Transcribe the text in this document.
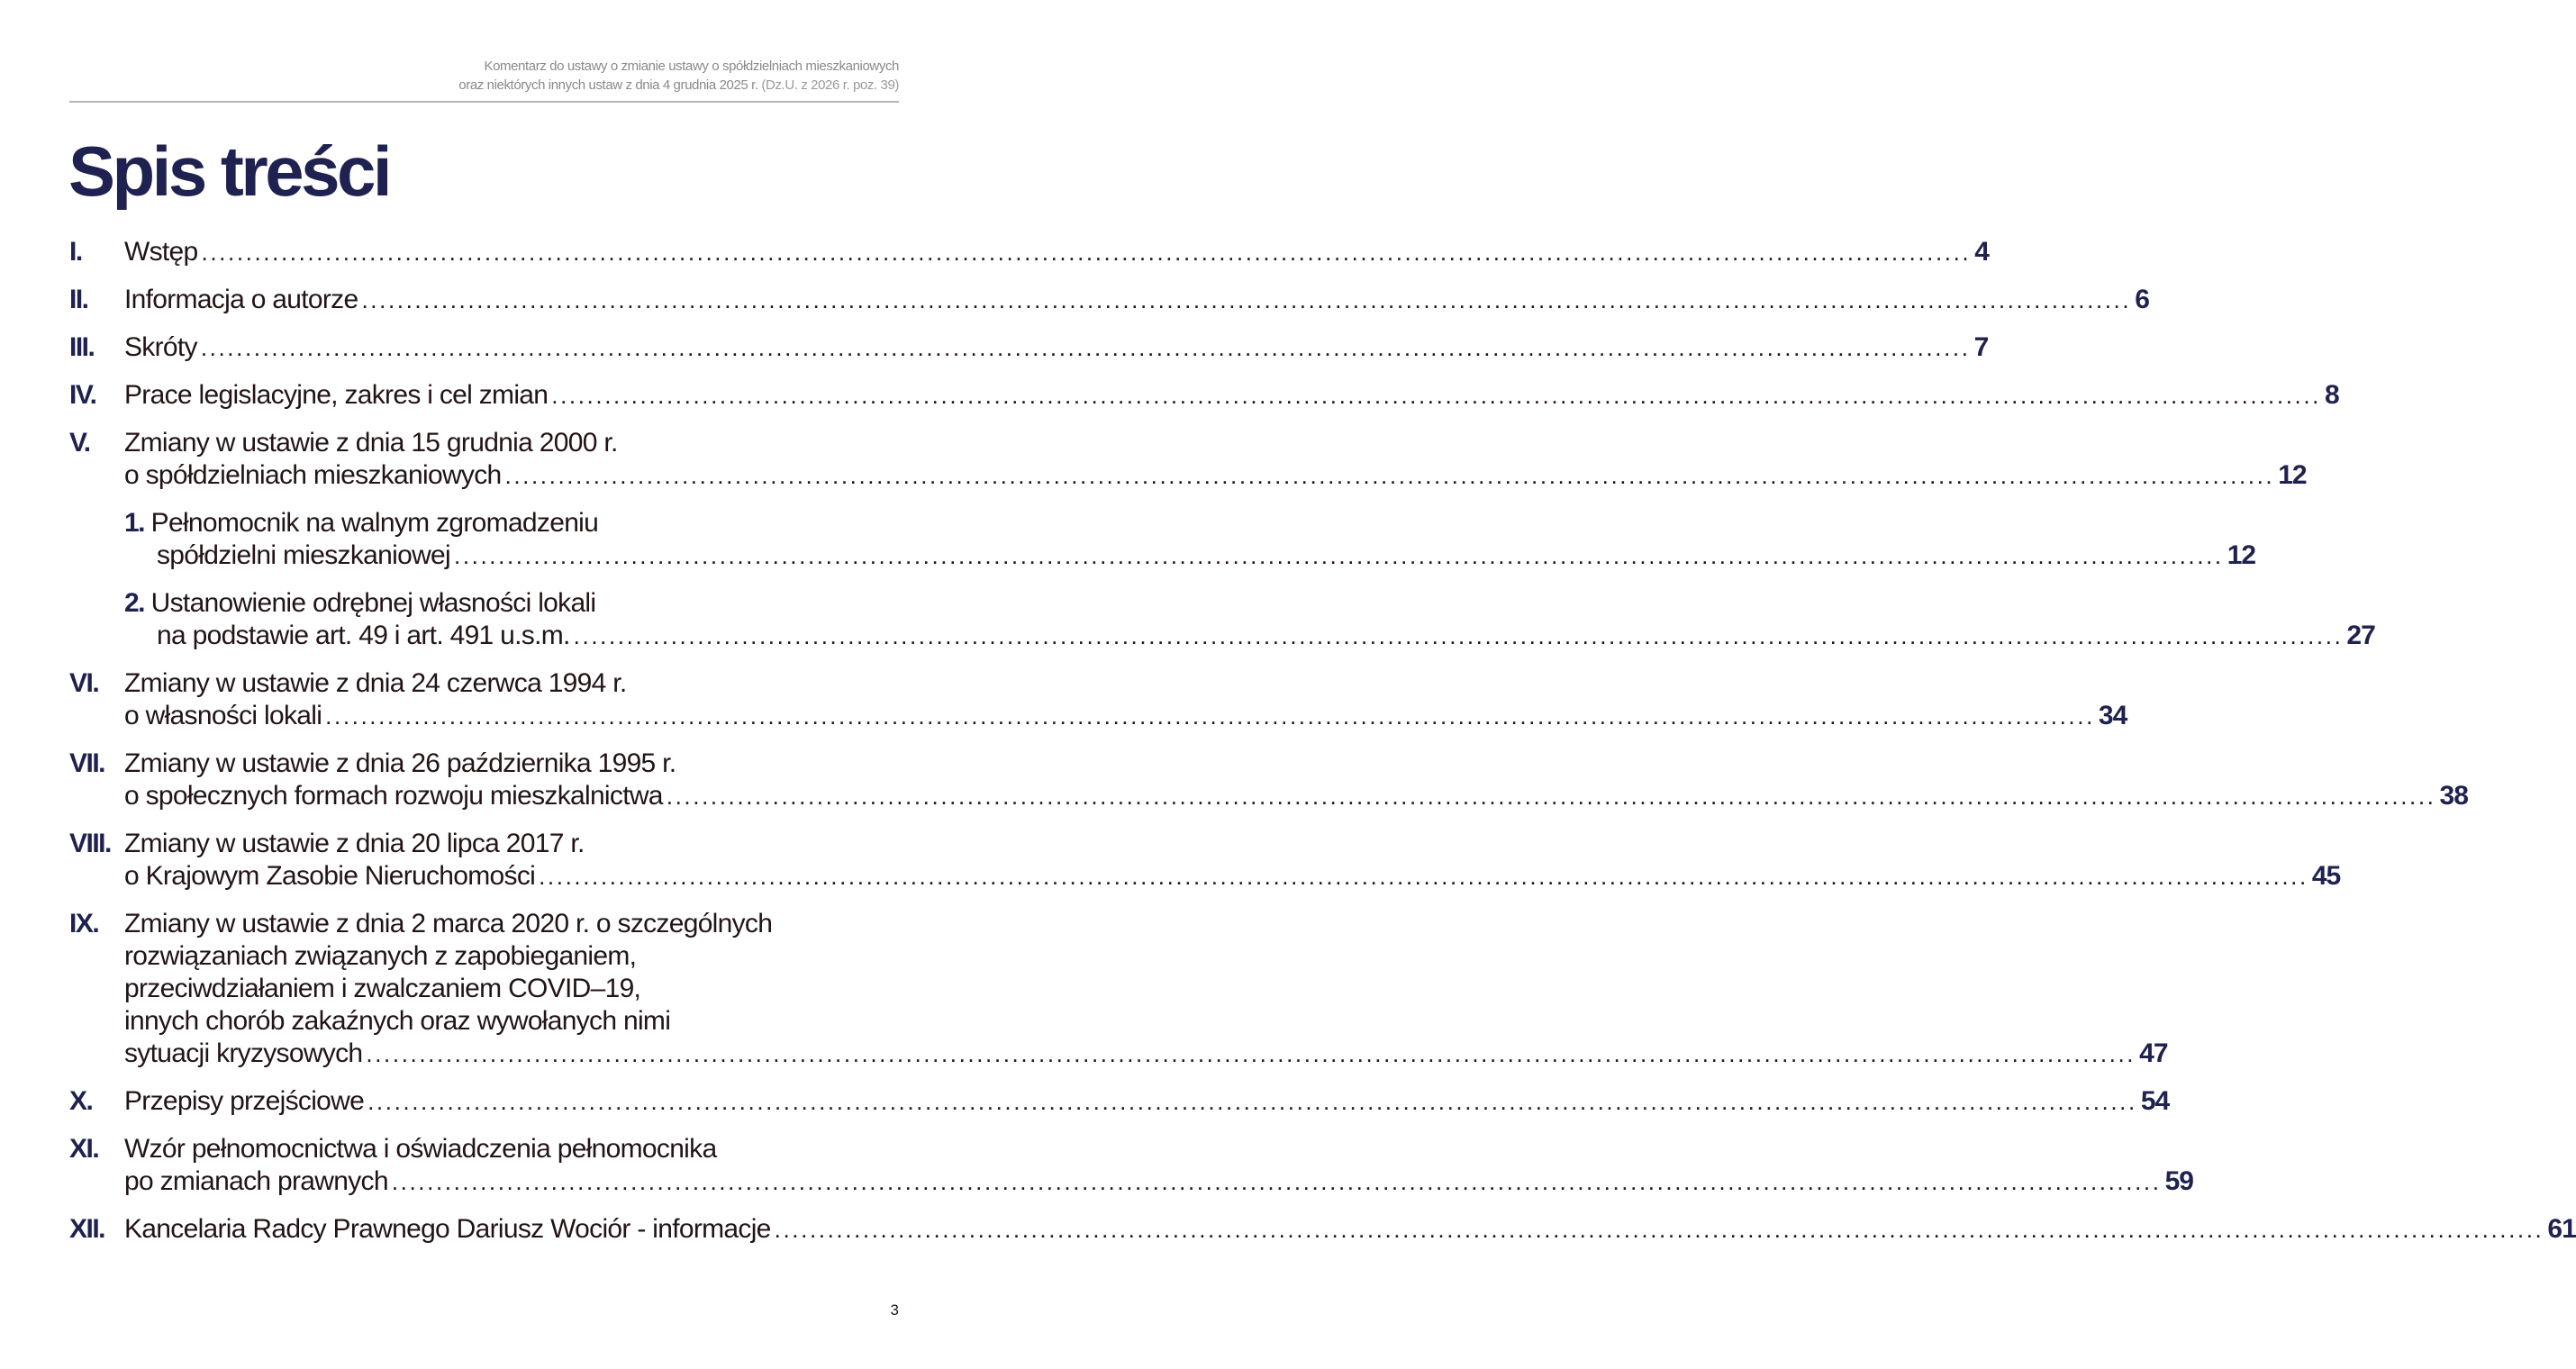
Komentarz do ustawy o zmianie ustawy o spółdzielniach mieszkaniowych
oraz niektórych innych ustaw z dnia 4 grudnia 2025 r. (Dz.U. z 2026 r. poz. 39)
Spis treści
I. Wstęp .....	4
II. Informacja o autorze .....	6
III. Skróty .....	7
IV. Prace legislacyjne, zakres i cel zmian .....	8
V. Zmiany w ustawie z dnia 15 grudnia 2000 r.
o spółdzielniach mieszkaniowych .....	12
1. Pełnomocnik na walnym zgromadzeniu
spółdzielni mieszkaniowej .....	12
2. Ustanowienie odrębnej własności lokali
na podstawie art. 49 i art. 491 u.s.m. .....	27
VI. Zmiany w ustawie z dnia 24 czerwca 1994 r.
o własności lokali .....	34
VII. Zmiany w ustawie z dnia 26 października 1995 r.
o społecznych formach rozwoju mieszkalnictwa .....	38
VIII. Zmiany w ustawie z dnia 20 lipca 2017 r.
o Krajowym Zasobie Nieruchomości .....	45
IX. Zmiany w ustawie z dnia 2 marca 2020 r. o szczególnych
rozwiązaniach związanych z zapobieganiem,
przeciwdziałaniem i zwalczaniem COVID–19,
innych chorób zakaźnych oraz wywołanych nimi
sytuacji kryzysowych .....	47
X. Przepisy przejściowe .....	54
XI. Wzór pełnomocnictwa i oświadczenia pełnomocnika
po zmianach prawnych .....	59
XII. Kancelaria Radcy Prawnego Dariusz Wociór - informacje .....	61
3
